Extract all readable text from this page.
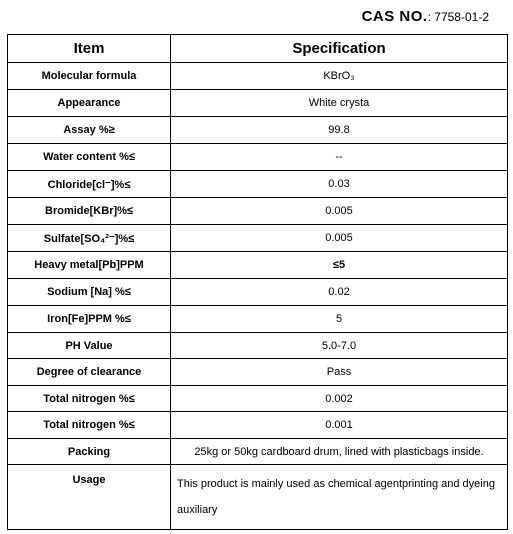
CAS NO.: 7758-01-2
Item	Specification
Molecular formula	KBrO₃
Appearance	White crysta
Assay %≥	99.8
Water content %≤	--
Chloride[cl⁻]%≤	0.03
Bromide[KBr]%≤	0.005
Sulfate[SO₄²⁻]%≤	0.005
Heavy metal[Pb]PPM	≤5
Sodium [Na] %≤	0.02
Iron[Fe]PPM %≤	5
PH Value	5.0-7.0
Degree of clearance	Pass
Total nitrogen %≤	0.002
Total nitrogen %≤	0.001
Packing	25kg or 50kg cardboard drum, lined with plasticbags inside.
Usage	This product is mainly used as chemical agentprinting and dyeing auxiliary
